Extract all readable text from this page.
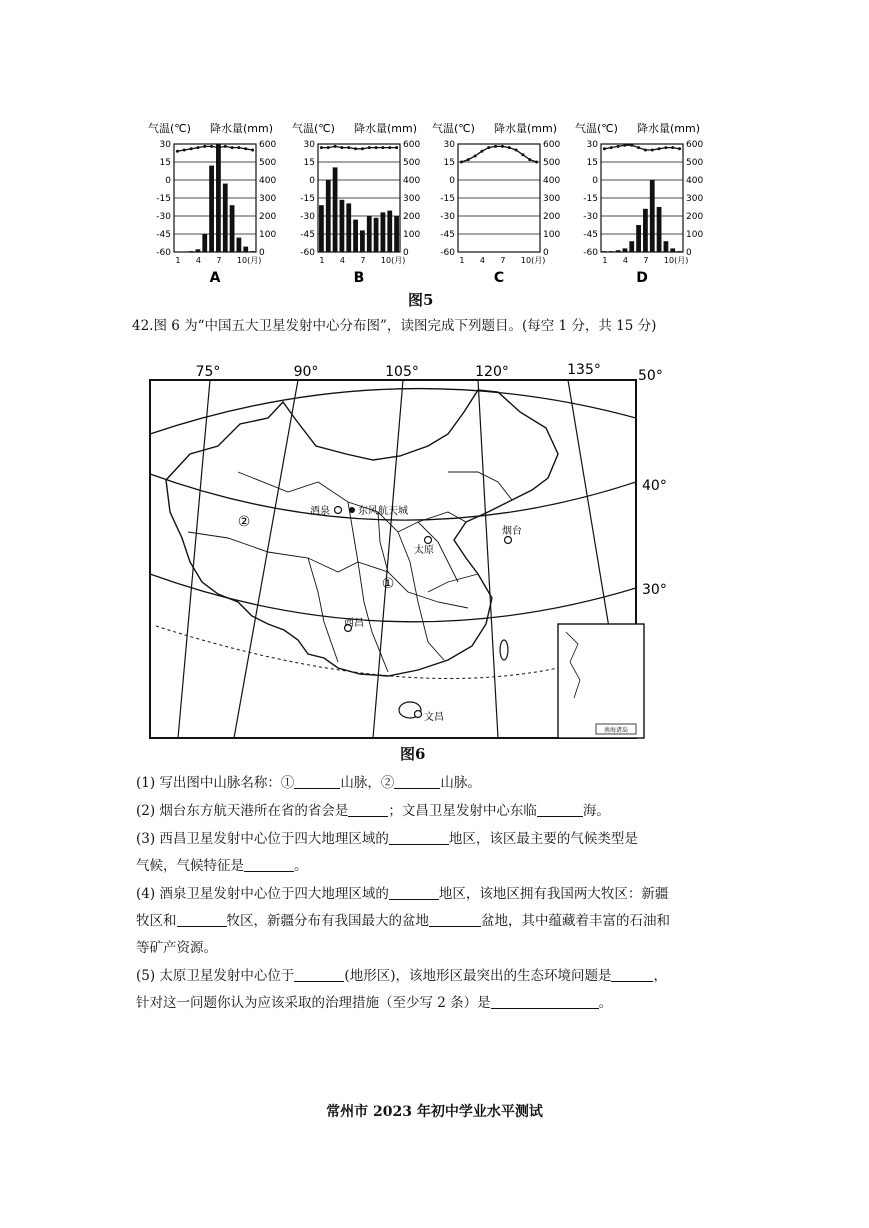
气温(℃) 降水量(mm)
30
15
0
-15
-30
-45
-60
600
500
400
300
200
100
0
1 4 7 10(月)
A
气温(℃) 降水量(mm)
30
15
0
-15
-30
-45
-60
600
500
400
300
200
100
0
1 4 7 10(月)
B
气温(℃) 降水量(mm)
30
15
0
-15
-30
-45
-60
600
500
400
300
200
100
0
1 4 7 10(月)
C
气温(℃) 降水量(mm)
30
15
0
-15
-30
-45
-60
600
500
400
300
200
100
0
1 4 7 10(月)
D
图5
42.图 6 为“中国五大卫星发射中心分布图”，读图完成下列题目。(每空 1 分，共 15 分)
南海诸岛
75°	90°	105°	120°	135°	50°
40°
30°
酒泉	东风航天城
太原
烟台
西昌
文昌
①
②
图6
(1) 写出图中山脉名称：①	山脉，②	山脉。
(2) 烟台东方航天港所在省的省会是	；文昌卫星发射中心东临	海。
(3) 西昌卫星发射中心位于四大地理区域的	地区，该区最主要的气候类型是
气候，气候特征是	。
(4) 酒泉卫星发射中心位于四大地理区域的	地区，该地区拥有我国两大牧区：新疆
牧区和	牧区，新疆分布有我国最大的盆地	盆地，其中蕴藏着丰富的石油和
等矿产资源。
(5) 太原卫星发射中心位于	(地形区)，该地形区最突出的生态环境问题是	，
针对这一问题你认为应该采取的治理措施（至少写 2 条）是	。
常州市 2023 年初中学业水平测试
